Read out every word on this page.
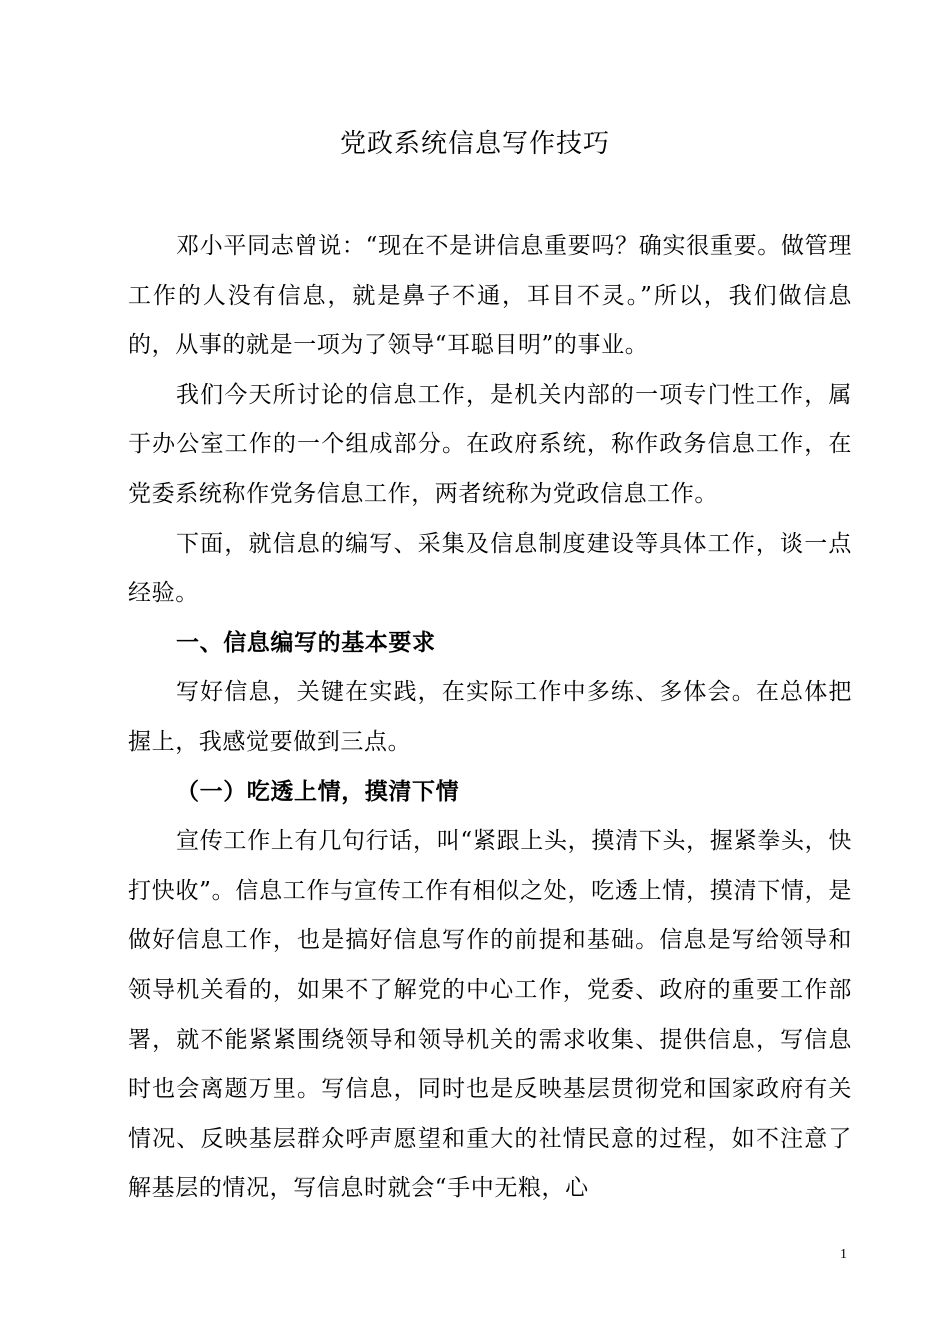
党政系统信息写作技巧

邓小平同志曾说：“现在不是讲信息重要吗？确实很重要。做管理工作的人没有信息，就是鼻子不通，耳目不灵。”所以，我们做信息的，从事的就是一项为了领导“耳聪目明”的事业。

我们今天所讨论的信息工作，是机关内部的一项专门性工作，属于办公室工作的一个组成部分。在政府系统，称作政务信息工作，在党委系统称作党务信息工作，两者统称为党政信息工作。

下面，就信息的编写、采集及信息制度建设等具体工作，谈一点经验。

一、信息编写的基本要求

写好信息，关键在实践，在实际工作中多练、多体会。在总体把握上，我感觉要做到三点。

（一）吃透上情，摸清下情

宣传工作上有几句行话，叫“紧跟上头，摸清下头，握紧拳头，快打快收”。信息工作与宣传工作有相似之处，吃透上情，摸清下情，是做好信息工作，也是搞好信息写作的前提和基础。信息是写给领导和领导机关看的，如果不了解党的中心工作，党委、政府的重要工作部署，就不能紧紧围绕领导和领导机关的需求收集、提供信息，写信息时也会离题万里。写信息，同时也是反映基层贯彻党和国家政府有关情况、反映基层群众呼声愿望和重大的社情民意的过程，如不注意了解基层的情况，写信息时就会“手中无粮，心

1
